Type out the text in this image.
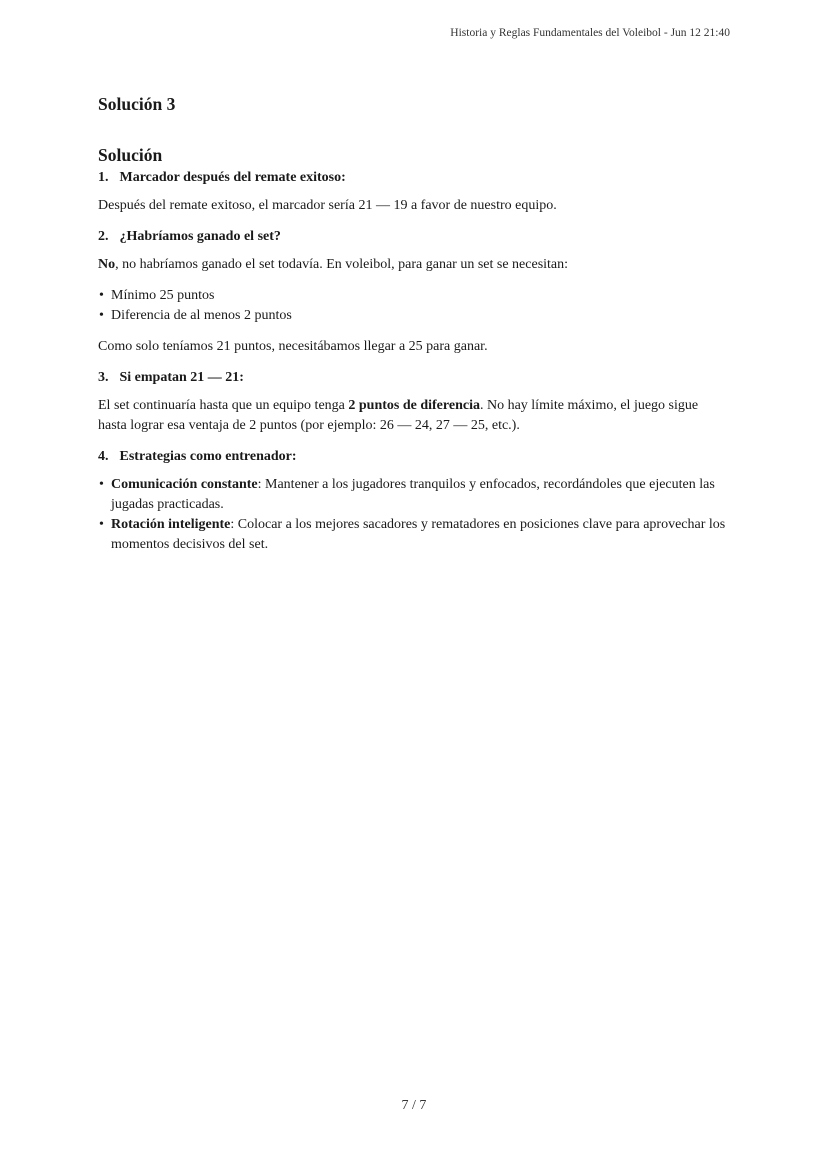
Historia y Reglas Fundamentales del Voleibol - Jun 12 21:40
Solución 3
Solución
1. Marcador después del remate exitoso:

Después del remate exitoso, el marcador sería 21 — 19 a favor de nuestro equipo.

2. ¿Habríamos ganado el set?

No, no habríamos ganado el set todavía. En voleibol, para ganar un set se necesitan:

• Mínimo 25 puntos
• Diferencia de al menos 2 puntos

Como solo teníamos 21 puntos, necesitábamos llegar a 25 para ganar.

3. Si empatan 21 — 21:

El set continuaría hasta que un equipo tenga 2 puntos de diferencia. No hay límite máximo, el juego sigue hasta lograr esa ventaja de 2 puntos (por ejemplo: 26 — 24, 27 — 25, etc.).

4. Estrategias como entrenador:
• Comunicación constante: Mantener a los jugadores tranquilos y enfocados, recordándoles que ejecuten las jugadas practicadas.
• Rotación inteligente: Colocar a los mejores sacadores y rematadores en posiciones clave para aprovechar los momentos decisivos del set.
7 / 7
